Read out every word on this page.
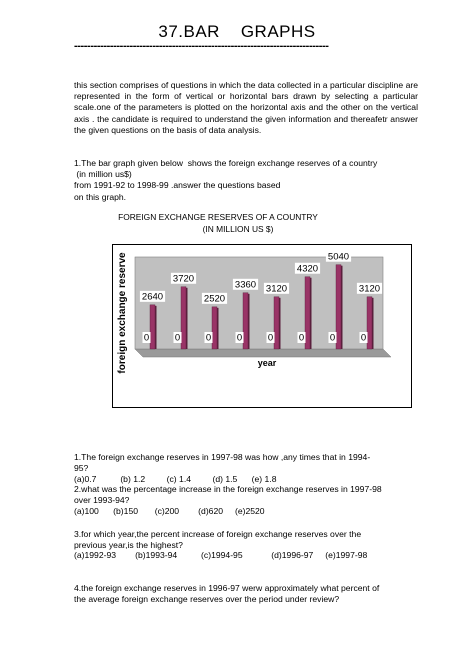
37.BAR    GRAPHS
------------------------------------------------------------------------------
this section comprises of questions in which the data collected in a particular discipline are represented in the form of vertical or horizontal bars drawn by selecting a particular scale.one of the parameters is plotted on the horizontal axis and the other on the vertical axis . the candidate is required to understand the given information and thereafetr answer the given questions on the basis of data analysis.
1.The bar graph given below  shows the foreign exchange reserves of a country
(in million us$)
from 1991-92 to 1998-99 .answer the questions based
on this graph.
FOREIGN EXCHANGE RESERVES OF A COUNTRY
(IN MILLION US $)
2640
0
3720
0
2520
0
3360
0
3120
0
4320
0
5040
0
3120
0
foreign exchange reserve	year
1.The foreign exchange reserves in 1997-98 was how ,any times that in 1994-
95?
(a)0.7          (b) 1.2         (c) 1.4         (d) 1.5      (e) 1.8
2.what was the percentage increase in the foreign exchange reserves in 1997-98
over 1993-94?
(a)100      (b)150       (c)200        (d)620     (e)2520
3.for which year,the percent increase of foreign exchange reserves over the
previous year,is the highest?
(a)1992-93        (b)1993-94          (c)1994-95            (d)1996-97     (e)1997-98
4.the foreign exchange reserves in 1996-97 werw approximately what percent of
the average foreign exchange reserves over the period under review?
